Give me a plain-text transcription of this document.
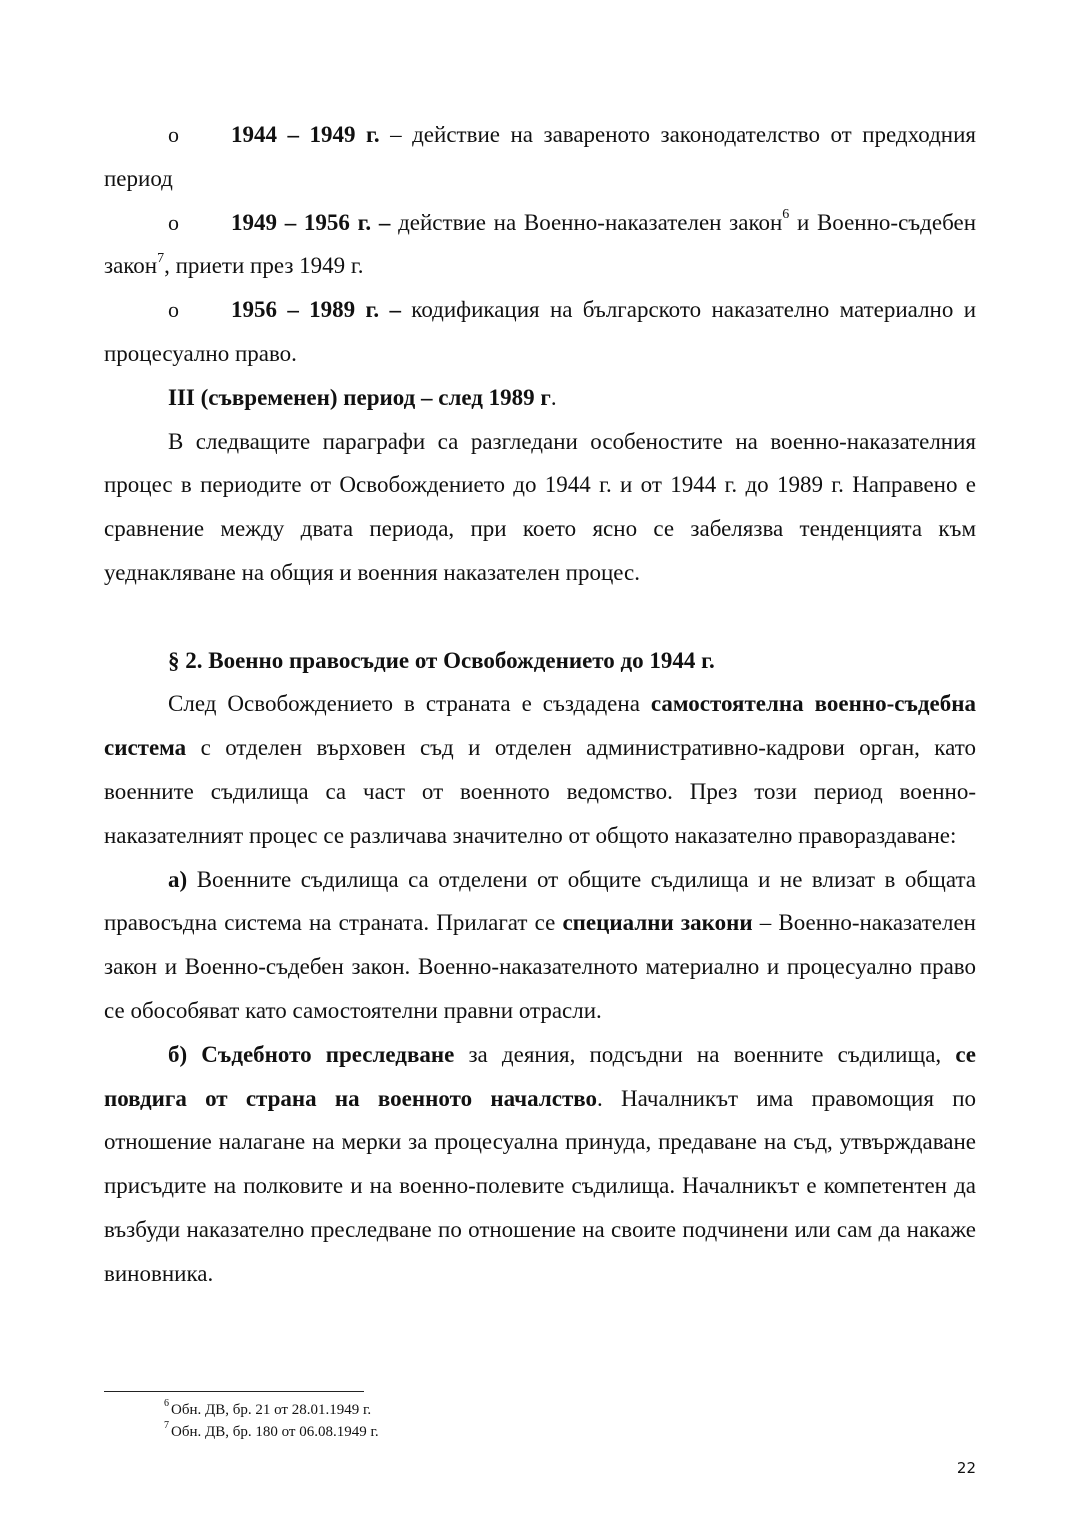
o 1944 – 1949 г. – действие на завареното законодателство от предходния период

o 1949 – 1956 г. – действие на Военно-наказателен закон$^6$ и Военно-съдебен закон$^7$, приети през 1949 г.

o 1956 – 1989 г. – кодификация на българското наказателно материално и процесуално право.

III (съвременен) период – след 1989 г.

В следващите параграфи са разгледани особеностите на военно-наказателния процес в периодите от Освобождението до 1944 г. и от 1944 г. до 1989 г. Направено е сравнение между двата периода, при което ясно се забелязва тенденцията към уеднакляване на общия и военния наказателен процес.

§ 2. Военно правосъдие от Освобождението до 1944 г.

След Освобождението в страната е създадена самостоятелна военно-съдебна система с отделен върховен съд и отделен административно-кадрови орган, като военните съдилища са част от военното ведомство. През този период военно-наказателният процес се различава значително от общото наказателно правораздаване:

а) Военните съдилища са отделени от общите съдилища и не влизат в общата правосъдна система на страната. Прилагат се специални закони – Военно-наказателен закон и Военно-съдебен закон. Военно-наказателното материално и процесуално право се обособяват като самостоятелни правни отрасли.

б) Съдебното преследване за деяния, подсъдни на военните съдилища, се повдига от страна на военното началство. Началникът има правомощия по отношение налагане на мерки за процесуална принуда, предаване на съд, утвърждаване присъдите на полковите и на военно-полевите съдилища. Началникът е компетентен да възбуди наказателно преследване по отношение на своите подчинени или сам да накаже виновника.

$^6$ Обн. ДВ, бр. 21 от 28.01.1949 г.
$^7$ Обн. ДВ, бр. 180 от 06.08.1949 г.
22
